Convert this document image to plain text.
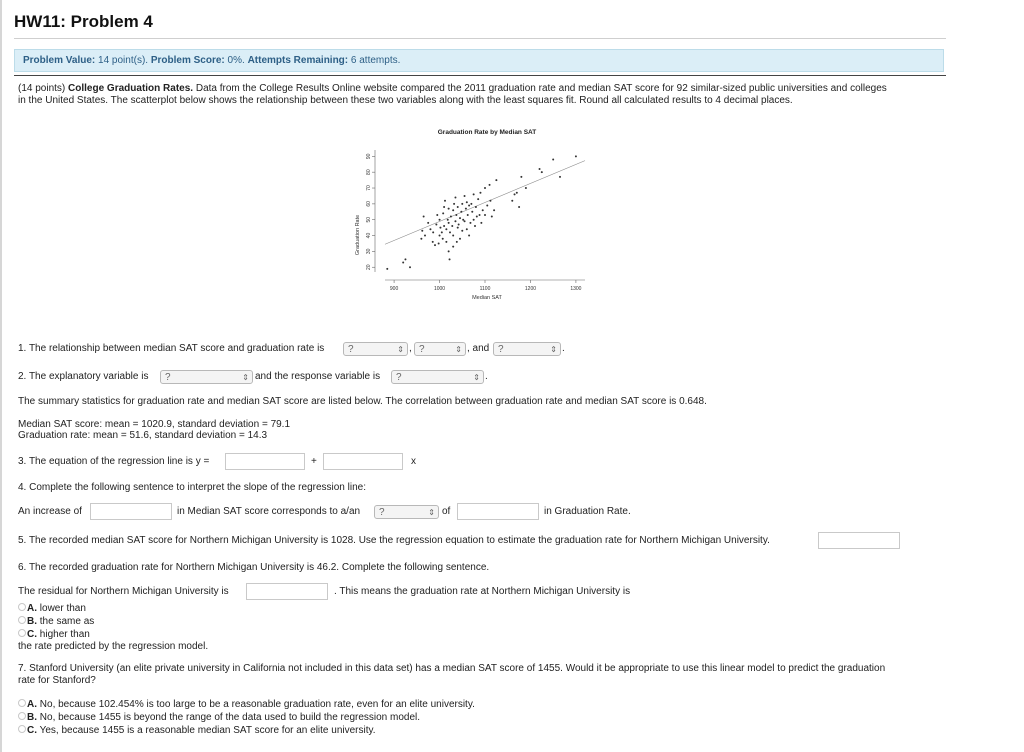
HW11: Problem 4
Problem Value: 14 point(s). Problem Score: 0%. Attempts Remaining: 6 attempts.
(14 points) College Graduation Rates. Data from the College Results Online website compared the 2011 graduation rate and median SAT score for 92 similar-sized public universities and colleges
in the United States. The scatterplot below shows the relationship between these two variables along with the least squares fit. Round all calculated results to 4 decimal places.
Graduation Rate by Median SAT
Graduation Rate
Median SAT
900	1000	1100	1200	1300
20
30
40
50
60
70
80
90
1. The relationship between median SAT score and graduation rate is	?	⇕ , ?	⇕ , and ?	⇕ .
2. The explanatory variable is	?	⇕ and the response variable is	?	⇕ .
The summary statistics for graduation rate and median SAT score are listed below. The correlation between graduation rate and median SAT score is 0.648.
Median SAT score: mean = 1020.9, standard deviation = 79.1
Graduation rate: mean = 51.6, standard deviation = 14.3
3. The equation of the regression line is y =	+	x
4. Complete the following sentence to interpret the slope of the regression line:
An increase of	in Median SAT score corresponds to a/an	?	⇕ of	in Graduation Rate.
5. The recorded median SAT score for Northern Michigan University is 1028. Use the regression equation to estimate the graduation rate for Northern Michigan University.
6. The recorded graduation rate for Northern Michigan University is 46.2. Complete the following sentence.
The residual for Northern Michigan University is	. This means the graduation rate at Northern Michigan University is
A. lower than
B. the same as
C. higher than
the rate predicted by the regression model.
7. Stanford University (an elite private university in California not included in this data set) has a median SAT score of 1455. Would it be appropriate to use this linear model to predict the graduation
rate for Stanford?
A. No, because 102.454% is too large to be a reasonable graduation rate, even for an elite university.
B. No, because 1455 is beyond the range of the data used to build the regression model.
C. Yes, because 1455 is a reasonable median SAT score for an elite university.
